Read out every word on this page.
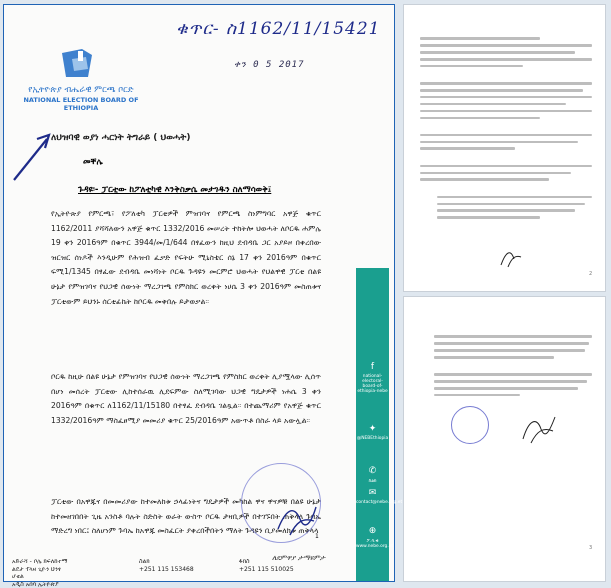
ቁጥር- ስ1162/11/15421
ቀን 0 5 2017
የኢትዮጵያ ብሔራዊ ምርጫ ቦርድ
NATIONAL ELECTION BOARD OF ETHIOPIA
ለህዝባዊ ወያነ ሓርነት ትግራይ ( ህወሓት)
መቐሌ
ጉዳዩ፡- ፓርቲው ከፖለቲካዊ እንቅስቃሴ መታገዱን ስለማሳወቅ፤
የኢትዮጵያ የምርጫ፣ የፖለቲካ ፓርቲዎች ምዝገባና የምርጫ ስነምግባር አዋጅ ቁጥር 1162/2011 ያሻሻለውን አዋጅ ቁጥር 1332/2016 መሠረት ተከትሎ ህወሓት ለቦርዱ ሐምሌ 19 ቀን 2016ዓም በቁጥር 3944/መ/1/644 በፃፈውን ከዚህ ደብዳቤ ጋር አያይዞ በቀረበው ዝርዝር ሰነዶች እንዲሁም የሕዝብ ፈቃድ የፍትሁ ሚኒስቴር ሰኔ 17 ቀን 2016ዓም በቁጥር ፍሚ1/1345 በፃፈው ደብዳቤ መነሻነት ቦርዱ ጉዳዩን መርምሮ ህወሓት የህልዋዊ ፓርቲ በልዩ ሁኔታ የምዝገባና የህጋዊ ሰውነት ማረጋገጫ የምስክር ወረቀት ነሀሴ 3 ቀን 2016ዓም መስጠቱና ፓርቲውም ይህንኑ ሰርቲፊኬት ከቦርዱ መቀበሉ ይታወቃል።
ቦርዱ ከዚሁ በልዩ ሁኔታ የምዝገባና የህጋዊ ሰውነት ማረጋገጫ የምስክር ወረቀት ሊያሟላው ሊሰጥ በሆነ መሰረት ፓርቲው ሊከተሰራዉ ሊደፍምው ስለሚገባው ህጋዊ ግዴታዎች ነሐሴ 3 ቀን 2016ዓም በቁጥር ለ1162/11/15180 በተፃፈ ደብዳቤ ገልጿል። በተጨማሪም የአዋጅ ቁጥር 1332/2016ዓም ማስፈፀሚያ መመሪያ ቁጥር 25/2016ዓም አውጥቶ በስራ ላይ አውሏል።
ፓርቲው በአዋጁና በመመሪያው ከተመለከቱ ኃላፊነትና ግዴታዎች መካከል ዋና ዋናዎቹ በልዩ ሁኔታ ከተመዘገበበት ጊዜ አንስቶ ባሉት ስድስት ወራት ውስጥ ቦርዱ ታዛቢዎች በተገኙበት ጠቅላላ ጉባኤ ማድረግ ነበር፤ ስለሆነም ጉባኤ ከአዋጁ መስፈርት ያቀረበችበትን ማለት ጉዳዩን ቢያመለክቱ ጠቅላላ
1
ለደምዋያ ታማዩምታ
አድራሻ - ቦሌ ክፍለከተማ
ልደታ ፕላዛ ጊዮን ህንፃ ሆቴል
አዲስ አበባ ኢትዮጵያ
ስልክ
+251 115 153468
ፋክስ
+251 115 510025
f
national-electoral-board-of-ethiopia-nebe
✦
@NEBEthiopia
✆
ስልክ
✉
contact@nebe.org.et
⊕
ፖ.ሳ.ቁ
www.nebe.org.et
2
3
